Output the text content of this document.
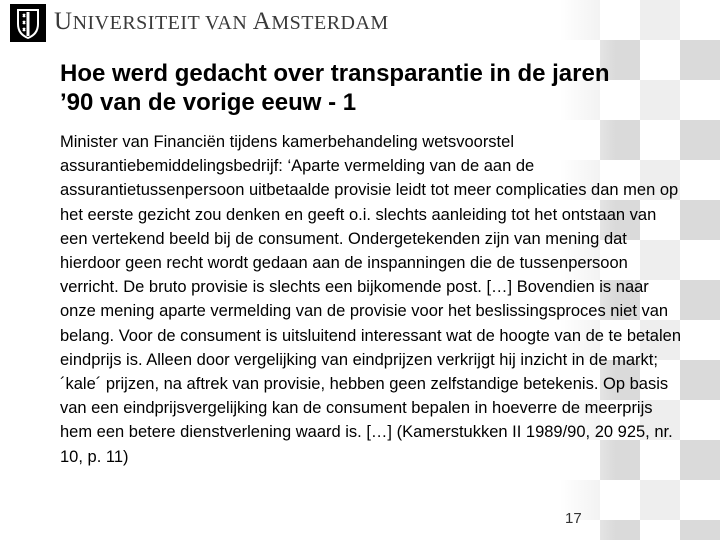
UNIVERSITEIT VAN AMSTERDAM
Hoe werd gedacht over transparantie in de jaren
’90 van de vorige eeuw - 1

Minister van Financiën tijdens kamerbehandeling wetsvoorstel assurantiebemiddelingsbedrijf: ‘Aparte vermelding van de aan de assurantietussenpersoon uitbetaalde provisie leidt tot meer complicaties dan men op het eerste gezicht zou denken en geeft o.i. slechts aanleiding tot het ontstaan van een vertekend beeld bij de consument. Ondergetekenden zijn van mening dat hierdoor geen recht wordt gedaan aan de inspanningen die de tussenpersoon verricht. De bruto provisie is slechts een bijkomende post. […] Bovendien is naar onze mening aparte vermelding van de provisie voor het beslissingsproces niet van belang. Voor de consument is uitsluitend interessant wat de hoogte van de te betalen eindprijs is. Alleen door vergelijking van eindprijzen verkrijgt hij inzicht in de markt; ´kale´ prijzen, na aftrek van provisie, hebben geen zelfstandige betekenis. Op basis van een eindprijsvergelijking kan de consument bepalen in hoeverre de meerprijs hem een betere dienstverlening waard is. […] (Kamerstukken II 1989/90, 20 925, nr. 10, p. 11)

17
